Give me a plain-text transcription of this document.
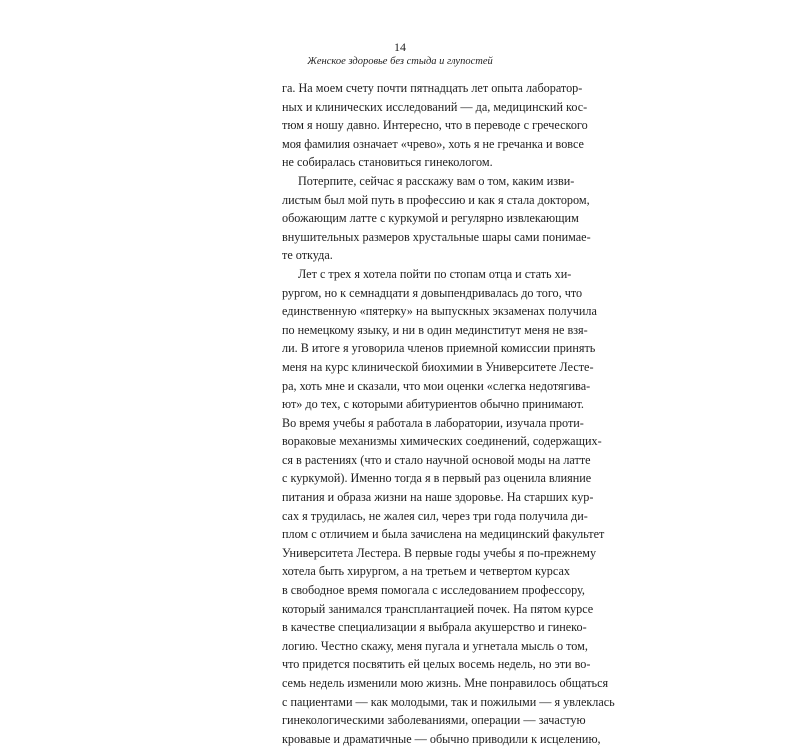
14
Женское здоровье без стыда и глупостей
га. На моем счету почти пятнадцать лет опыта лаборатор-
ных и клинических исследований — да, медицинский кос-
тюм я ношу давно. Интересно, что в переводе с греческого
моя фамилия означает «чрево», хоть я не гречанка и вовсе
не собиралась становиться гинекологом.
Потерпите, сейчас я расскажу вам о том, каким изви-
листым был мой путь в профессию и как я стала доктором,
обожающим латте с куркумой и регулярно извлекающим
внушительных размеров хрустальные шары сами понимае-
те откуда.
Лет с трех я хотела пойти по стопам отца и стать хи-
рургом, но к семнадцати я довыпендривалась до того, что
единственную «пятерку» на выпускных экзаменах получила
по немецкому языку, и ни в один мединститут меня не взя-
ли. В итоге я уговорила членов приемной комиссии принять
меня на курс клинической биохимии в Университете Лесте-
ра, хоть мне и сказали, что мои оценки «слегка недотягива-
ют» до тех, с которыми абитуриентов обычно принимают.
Во время учебы я работала в лаборатории, изучала проти-
вораковые механизмы химических соединений, содержащих-
ся в растениях (что и стало научной основой моды на латте
с куркумой). Именно тогда я в первый раз оценила влияние
питания и образа жизни на наше здоровье. На старших кур-
сах я трудилась, не жалея сил, через три года получила ди-
плом с отличием и была зачислена на медицинский факультет
Университета Лестера. В первые годы учебы я по-прежнему
хотела быть хирургом, а на третьем и четвертом курсах
в свободное время помогала с исследованием профессору,
который занимался трансплантацией почек. На пятом курсе
в качестве специализации я выбрала акушерство и гинеко-
логию. Честно скажу, меня пугала и угнетала мысль о том,
что придется посвятить ей целых восемь недель, но эти во-
семь недель изменили мою жизнь. Мне понравилось общаться
с пациентами — как молодыми, так и пожилыми — я увлеклась
гинекологическими заболеваниями, операции — зачастую
кровавые и драматичные — обычно приводили к исцелению,
